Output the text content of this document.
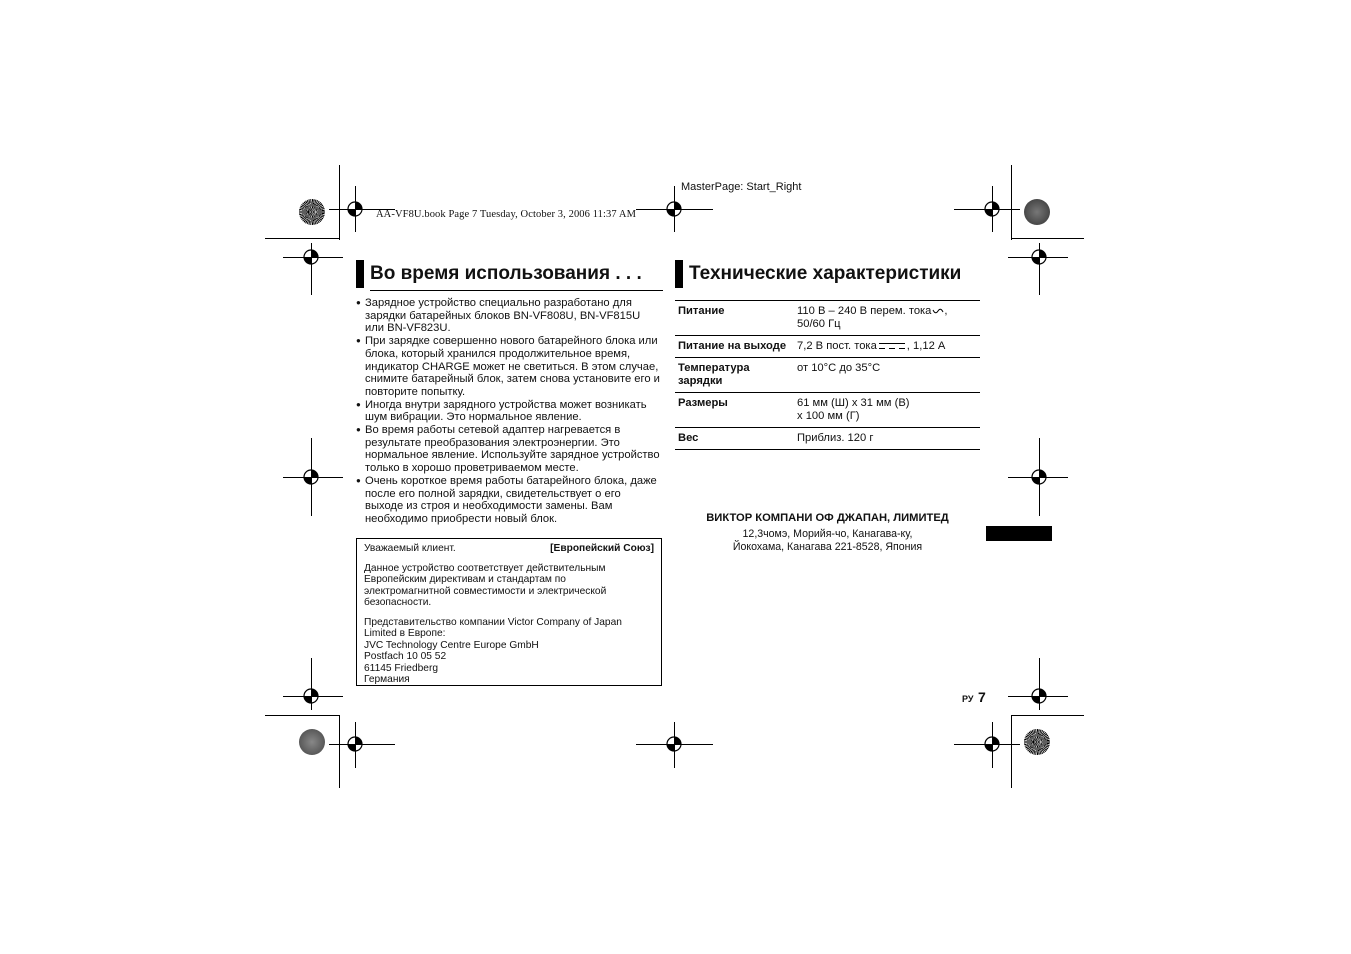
MasterPage: Start_Right
AA-VF8U.book Page 7 Tuesday, October 3, 2006 11:37 AM
Во время использования . . .
● Зарядное устройство специально разработано для зарядки батарейных блоков BN-VF808U, BN-VF815U или BN-VF823U.
● При зарядке совершенно нового батарейного блока или блока, который хранился продолжительное время, индикатор CHARGE может не светиться. В этом случае, снимите батарейный блок, затем снова установите его и повторите попытку.
● Иногда внутри зарядного устройства может возникать шум вибрации. Это нормальное явление.
● Во время работы сетевой адаптер нагревается в результате преобразования электроэнергии. Это нормальное явление. Используйте зарядное устройство только в хорошо проветриваемом месте.
● Очень короткое время работы батарейного блока, даже после его полной зарядки, свидетельствует о его выходе из строя и необходимости замены. Вам необходимо приобрести новый блок.
Уважаемый клиент.	[Европейский Союз]

Данное устройство соответствует действительным Европейским директивам и стандартам по электромагнитной совместимости и электрической безопасности.

Представительство компании Victor Company of Japan
Limited в Европе:
JVC Technology Centre Europe GmbH
Postfach 10 05 52
61145 Friedberg
Германия
Технические характеристики
Питание	110 В – 240 В перем. тока ,
50/60 Гц
Питание на выходе	7,2 В пост. тока , 1,12 А
Температура зарядки	от 10°C до 35°C
Размеры	61 мм (Ш) x 31 мм (В)
x 100 мм (Г)
Вес	Приблиз. 120 г
ВИКТОР КОМПАНИ ОФ ДЖАПАН, ЛИМИТЕД
12,3чомэ, Морийя-чо, Канагава-ку,
Йокохама, Канагава 221-8528, Япония
РУ 7
